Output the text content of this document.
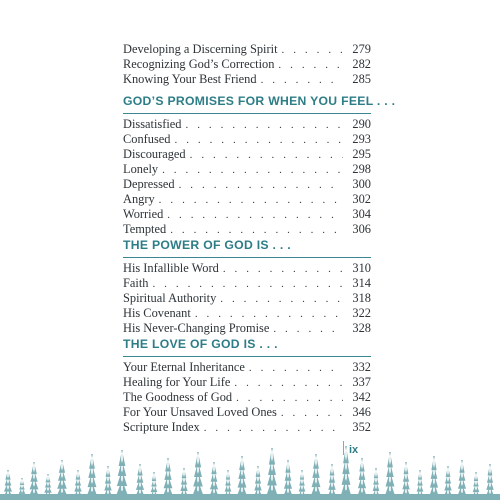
Developing a Discerning Spirit . . .	279
Recognizing God’s Correction . . .	282
Knowing Your Best Friend . . .	285
GOD’S PROMISES FOR WHEN YOU FEEL . . .
Dissatisfied . . .	290
Confused . . .	293
Discouraged . . .	295
Lonely . . .	298
Depressed . . .	300
Angry . . .	302
Worried . . .	304
Tempted . . .	306
THE POWER OF GOD IS . . .
His Infallible Word . . .	310
Faith . . .	314
Spiritual Authority . . .	318
His Covenant . . .	322
His Never-Changing Promise . . .	328
THE LOVE OF GOD IS . . .
Your Eternal Inheritance . . .	332
Healing for Your Life . . .	337
The Goodness of God . . .	342
For Your Unsaved Loved Ones . . .	346
Scripture Index . . .	352
ix
